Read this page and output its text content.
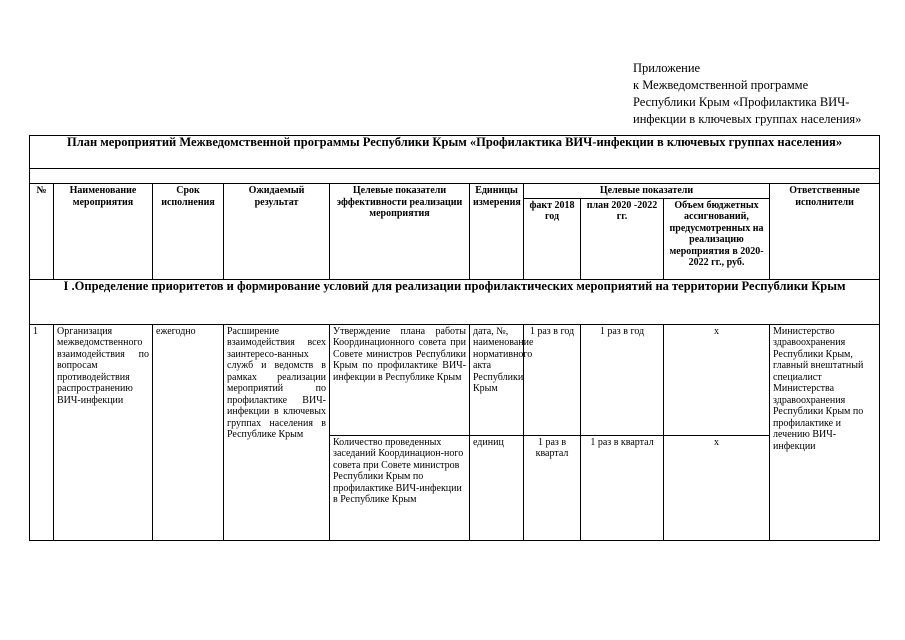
Приложение
к Межведомственной программе
Республики Крым «Профилактика ВИЧ-
инфекции в ключевых группах населения»
План мероприятий Межведомственной программы Республики Крым «Профилактика ВИЧ-инфекции в ключевых группах населения»									

№	Наименование мероприятия	Срок исполнения	Ожидаемый результат	Целевые показатели эффективности реализации мероприятия	Единицы измерения	Целевые показатели			Ответственные исполнители
						факт 2018 год	план 2020 -2022 гг.	Объем бюджетных ассигнований, предусмотренных на реализацию мероприятия в 2020-2022 гг., руб.	
I .Определение приоритетов и формирование условий для реализации профилактических мероприятий на территории Республики Крым									
1	Организация межведомственного взаимодействия по вопросам противодействия распространению ВИЧ-инфекции	ежегодно	Расширение взаимодействия всех заинтересо-ванных служб и ведомств в рамках реализации мероприятий по профилактике ВИЧ-инфекции в ключевых группах населения в Республике Крым	Утверждение плана работы Координационного совета при Совете министров Республики Крым по профилактике ВИЧ-инфекции в Республике Крым	дата, №, наименование нормативного акта Республики Крым	1 раз в год	1 раз в год	х	Министерство здравоохранения Республики Крым, главный внештатный специалист Министерства здравоохранения Республики Крым по профилактике и лечению ВИЧ-инфекции
				Количество проведенных заседаний Координацион-ного совета при Совете министров Республики Крым по профилактике ВИЧ-инфекции в Республике Крым	единиц	1 раз в квартал	1 раз в квартал	х	
